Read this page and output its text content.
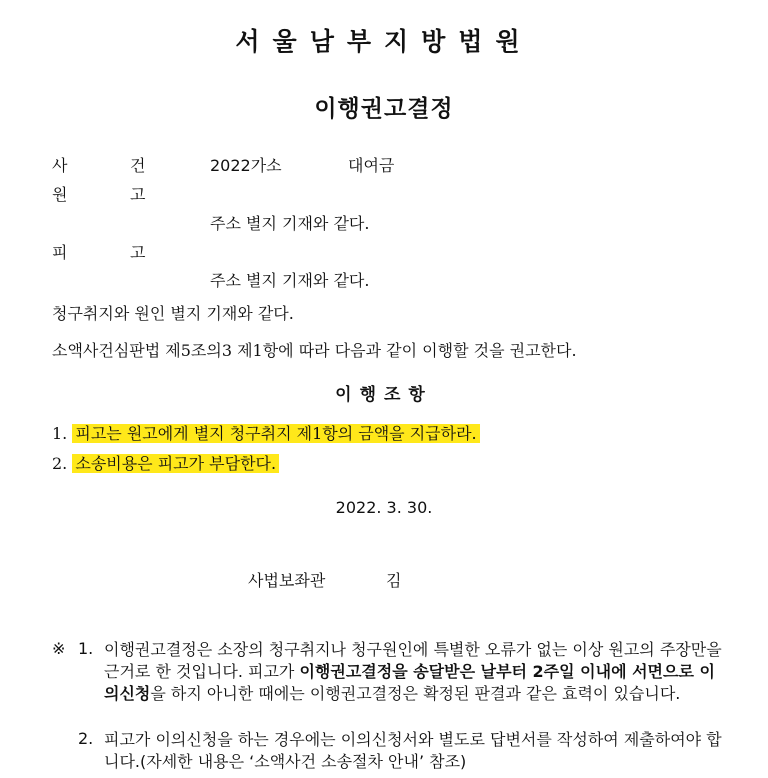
서울남부지방법원
이행권고결정
사	건	2022가소	대여금
원	고
주소 별지 기재와 같다.
피	고
주소 별지 기재와 같다.
청구취지와 원인 별지 기재와 같다.
소액사건심판법 제5조의3 제1항에 따라 다음과 같이 이행할 것을 권고한다.
이행조항
1. 피고는 원고에게 별지 청구취지 제1항의 금액을 지급하라.
2. 소송비용은 피고가 부담한다.
2022. 3. 30.
사법보좌관	김
※ 1. 이행권고결정은 소장의 청구취지나 청구원인에 특별한 오류가 없는 이상 원고의 주장만을 근거로 한 것입니다. 피고가 이행권고결정을 송달받은 날부터 2주일 이내에 서면으로 이의신청을 하지 아니한 때에는 이행권고결정은 확정된 판결과 같은 효력이 있습니다.
2. 피고가 이의신청을 하는 경우에는 이의신청서와 별도로 답변서를 작성하여 제출하여야 합니다.(자세한 내용은 ‘소액사건 소송절차 안내’ 참조)
